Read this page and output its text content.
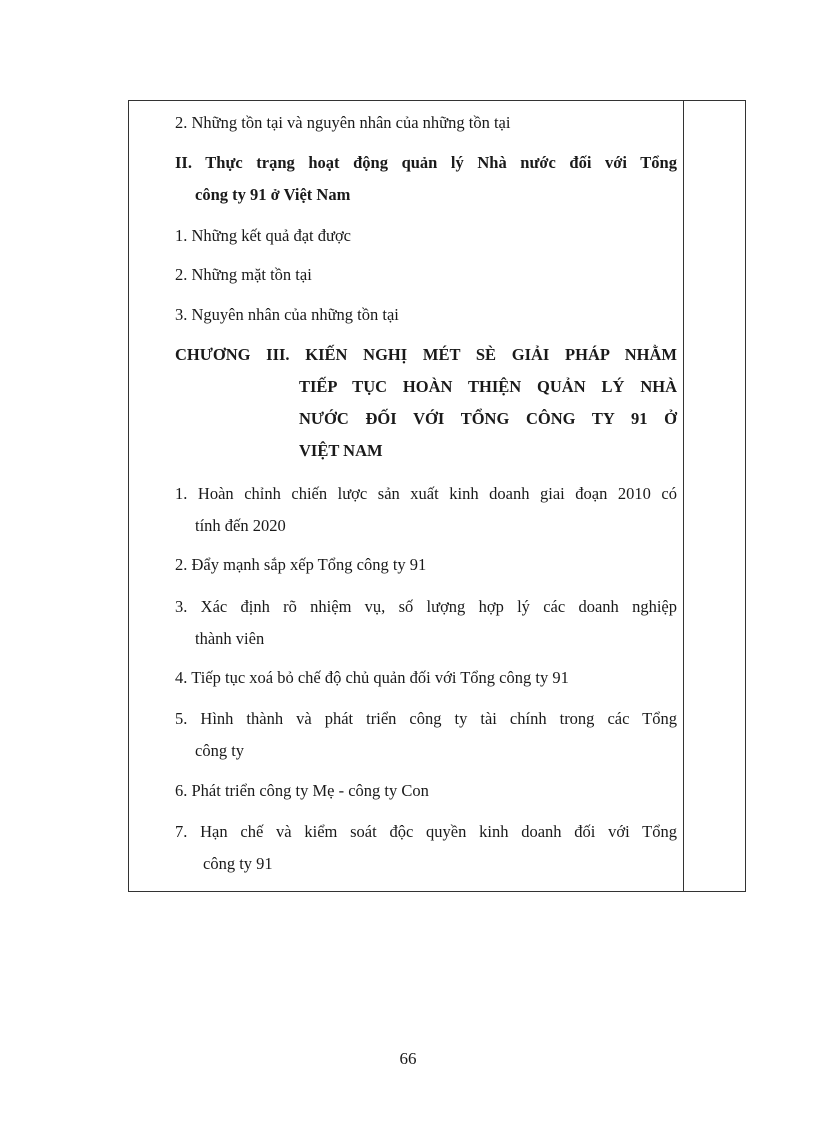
2. Những tồn tại và nguyên nhân của những tồn tại
II. Thực trạng hoạt động quản lý Nhà nước đối với Tổng
công ty 91 ở Việt Nam
1. Những kết quả đạt được
2. Những mặt tồn tại
3. Nguyên nhân của những tồn tại
CHƯƠNG III. KIẾN NGHỊ MÉT SÈ GIẢI PHÁP NHẰM
TIẾP TỤC HOÀN THIỆN QUẢN LÝ NHÀ
NƯỚC ĐỐI VỚI TỔNG CÔNG TY 91 Ở
VIỆT NAM
1. Hoàn chỉnh chiến lược sản xuất kinh doanh giai đoạn 2010 có
tính đến 2020
2. Đẩy mạnh sắp xếp Tổng công ty 91
3. Xác định rõ nhiệm vụ, số lượng hợp lý các doanh nghiệp
thành viên
4. Tiếp tục xoá bỏ chế độ chủ quản đối với Tổng công ty 91
5. Hình thành và phát triển công ty tài chính trong các Tổng
công ty
6. Phát triển công ty Mẹ - công ty Con
7. Hạn chế và kiểm soát độc quyền kinh doanh đối với Tổng
công ty 91
66
